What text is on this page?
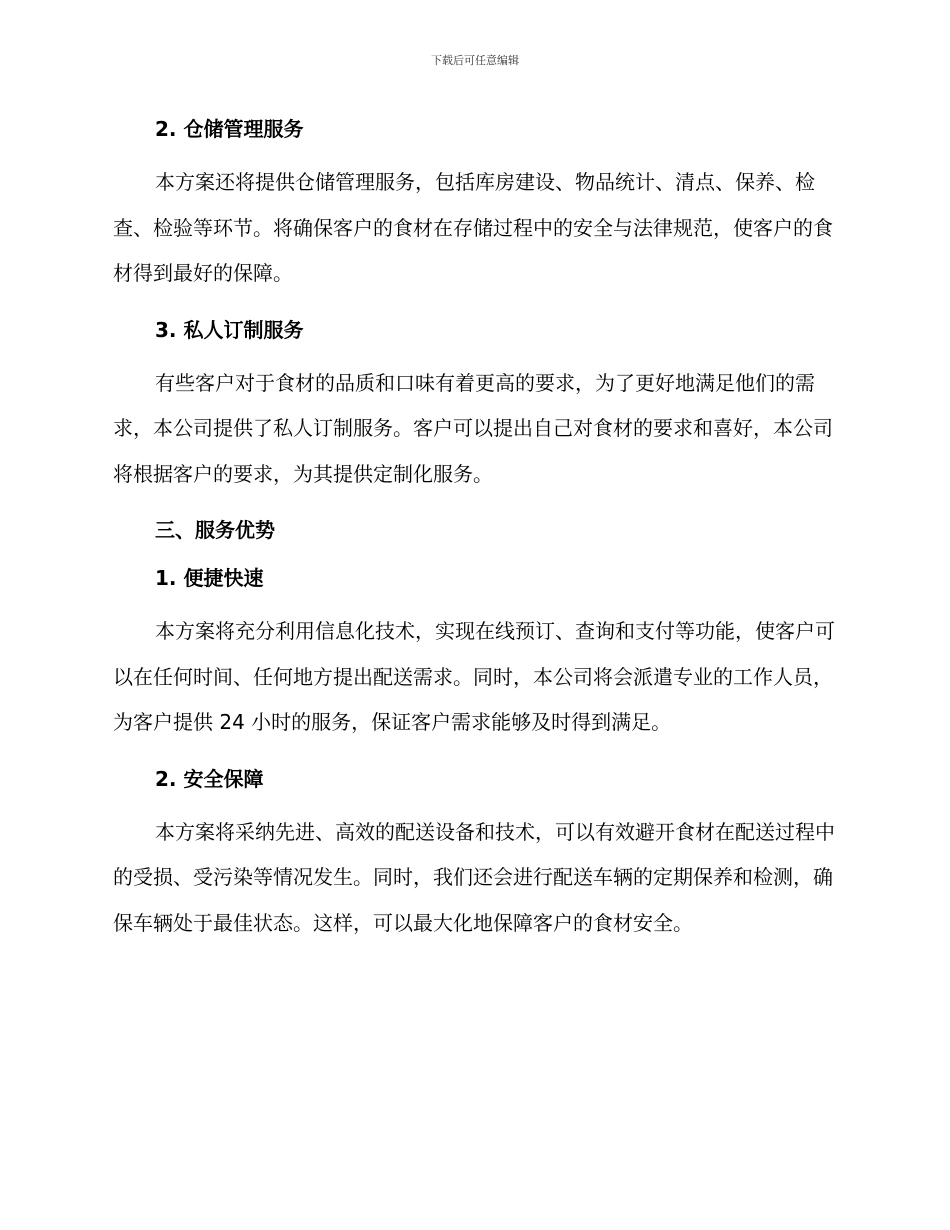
下载后可任意编辑
2. 仓储管理服务

本方案还将提供仓储管理服务，包括库房建设、物品统计、清点、保养、检查、检验等环节。将确保客户的食材在存储过程中的安全与法律规范，使客户的食材得到最好的保障。

3. 私人订制服务

有些客户对于食材的品质和口味有着更高的要求，为了更好地满足他们的需求，本公司提供了私人订制服务。客户可以提出自己对食材的要求和喜好，本公司将根据客户的要求，为其提供定制化服务。

三、服务优势
1. 便捷快速

本方案将充分利用信息化技术，实现在线预订、查询和支付等功能，使客户可以在任何时间、任何地方提出配送需求。同时，本公司将会派遣专业的工作人员，为客户提供 24 小时的服务，保证客户需求能够及时得到满足。

2. 安全保障

本方案将采纳先进、高效的配送设备和技术，可以有效避开食材在配送过程中的受损、受污染等情况发生。同时，我们还会进行配送车辆的定期保养和检测，确保车辆处于最佳状态。这样，可以最大化地保障客户的食材安全。
